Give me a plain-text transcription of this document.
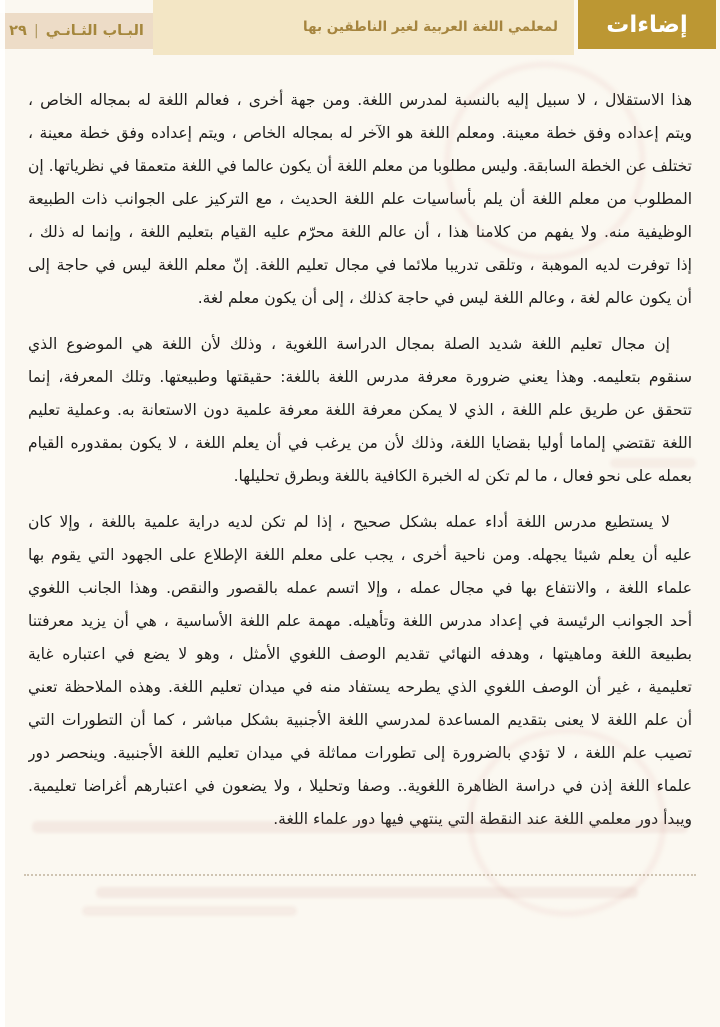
لمعلمي اللغة العربية لغير الناطقين بها إضاءات
البـاب الثـانـي
|
٢٩
هذا الاستقلال ، لا سبيل إليه بالنسبة لمدرس اللغة. ومن جهة أخرى ، فعالم اللغة له بمجاله الخاص ،
ويتم إعداده وفق خطة معينة. ومعلم اللغة هو الآخر له بمجاله الخاص ، ويتم إعداده وفق خطة معينة ،
تختلف عن الخطة السابقة. وليس مطلوبا من معلم اللغة أن يكون عالما في اللغة متعمقا في نظرياتها. إن
المطلوب من معلم اللغة أن يلم بأساسيات علم اللغة الحديث ، مع التركيز على الجوانب ذات الطبيعة
الوظيفية منه. ولا يفهم من كلامنا هذا ، أن عالم اللغة محرّم عليه القيام بتعليم اللغة ، وإنما له ذلك ،
إذا توفرت لديه الموهبة ، وتلقى تدريبا ملائما في مجال تعليم اللغة. إنّ معلم اللغة ليس في حاجة إلى
أن يكون عالم لغة ، وعالم اللغة ليس في حاجة كذلك ، إلى أن يكون معلم لغة.
إن مجال تعليم اللغة شديد الصلة بمجال الدراسة اللغوية ، وذلك لأن اللغة هي الموضوع الذي
سنقوم بتعليمه. وهذا يعني ضرورة معرفة مدرس اللغة باللغة: حقيقتها وطبيعتها. وتلك المعرفة، إنما
تتحقق عن طريق علم اللغة ، الذي لا يمكن معرفة اللغة معرفة علمية دون الاستعانة به. وعملية تعليم
اللغة تقتضي إلماما أوليا بقضايا اللغة، وذلك لأن من يرغب في أن يعلم اللغة ، لا يكون بمقدوره القيام
بعمله على نحو فعال ، ما لم تكن له الخبرة الكافية باللغة وبطرق تحليلها.
لا يستطيع مدرس اللغة أداء عمله بشكل صحيح ، إذا لم تكن لديه دراية علمية باللغة ، وإلا كان
عليه أن يعلم شيئا يجهله. ومن ناحية أخرى ، يجب على معلم اللغة الإطلاع على الجهود التي يقوم بها
علماء اللغة ، والانتفاع بها في مجال عمله ، وإلا اتسم عمله بالقصور والنقص. وهذا الجانب اللغوي
أحد الجوانب الرئيسة في إعداد مدرس اللغة وتأهيله. مهمة علم اللغة الأساسية ، هي أن يزيد معرفتنا
بطبيعة اللغة وماهيتها ، وهدفه النهائي تقديم الوصف اللغوي الأمثل ، وهو لا يضع في اعتباره غاية
تعليمية ، غير أن الوصف اللغوي الذي يطرحه يستفاد منه في ميدان تعليم اللغة. وهذه الملاحظة تعني
أن علم اللغة لا يعنى بتقديم المساعدة لمدرسي اللغة الأجنبية بشكل مباشر ، كما أن التطورات التي
تصيب علم اللغة ، لا تؤدي بالضرورة إلى تطورات مماثلة في ميدان تعليم اللغة الأجنبية. وينحصر دور
علماء اللغة إذن في دراسة الظاهرة اللغوية.. وصفا وتحليلا ، ولا يضعون في اعتبارهم أغراضا تعليمية.
ويبدأ دور معلمي اللغة عند النقطة التي ينتهي فيها دور علماء اللغة.
